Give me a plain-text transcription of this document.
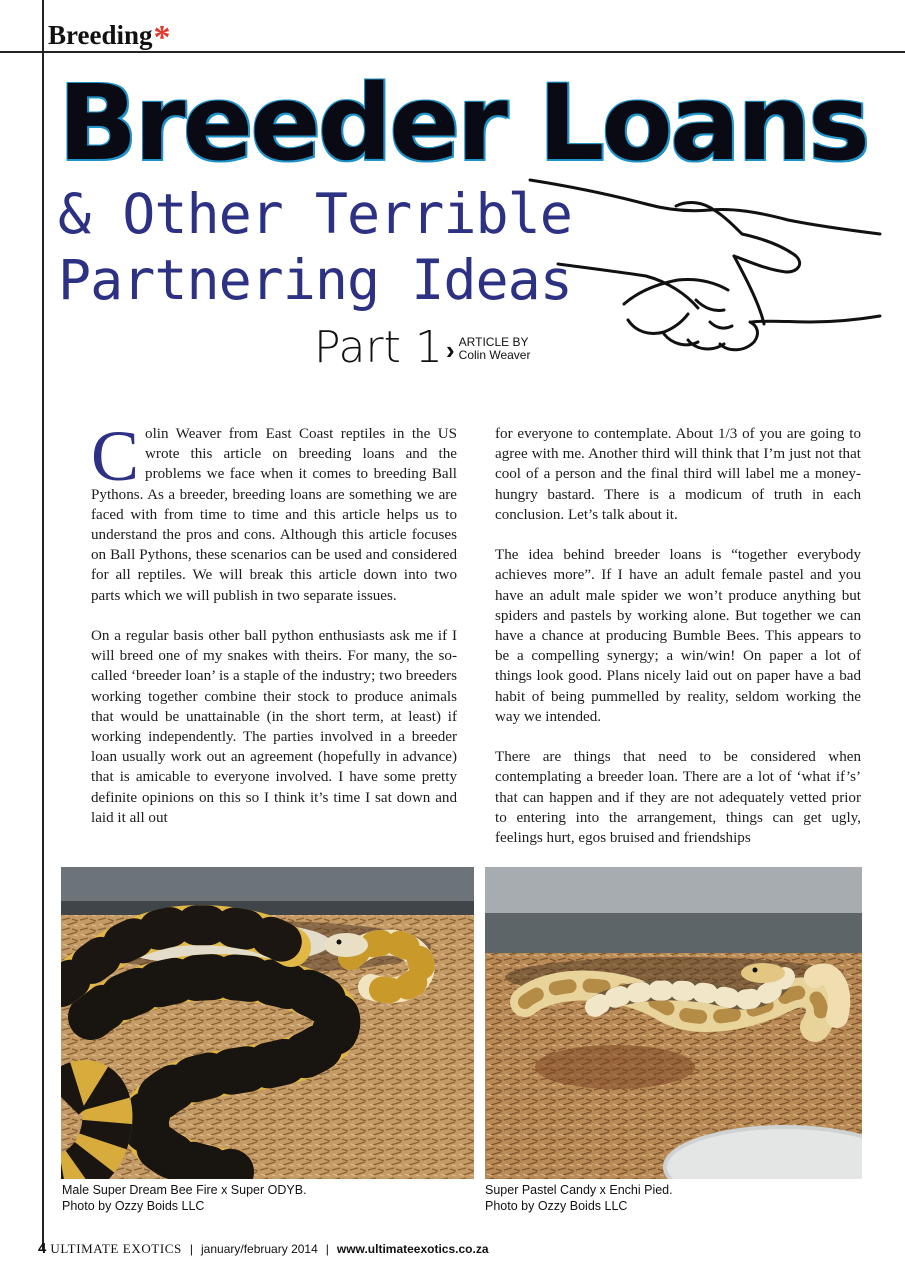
Breeding*
Breeder Loans
& Other Terrible
Partnering Ideas
Part 1 › ARTICLE BY
Colin Weaver
C olin Weaver from East Coast reptiles in the US wrote this article on breeding loans and the problems we face when it comes to breeding Ball Pythons. As a breeder, breeding loans are something we are faced with from time to time and this article helps us to understand the pros and cons. Although this article focuses on Ball Pythons, these scenarios can be used and considered for all reptiles. We will break this article down into two parts which we will publish in two separate issues.

On a regular basis other ball python enthusiasts ask me if I will breed one of my snakes with theirs. For many, the so-called ‘breeder loan’ is a staple of the industry; two breeders working together combine their stock to produce animals that would be unattainable (in the short term, at least) if working independently. The parties involved in a breeder loan usually work out an agreement (hopefully in advance) that is amicable to everyone involved. I have some pretty definite opinions on this so I think it’s time I sat down and laid it all out

for everyone to contemplate. About 1/3 of you are going to agree with me. Another third will think that I’m just not that cool of a person and the final third will label me a money-hungry bastard. There is a modicum of truth in each conclusion. Let’s talk about it.

The idea behind breeder loans is “together everybody achieves more”. If I have an adult female pastel and you have an adult male spider we won’t produce anything but spiders and pastels by working alone. But together we can have a chance at producing Bumble Bees. This appears to be a compelling synergy; a win/win! On paper a lot of things look good. Plans nicely laid out on paper have a bad habit of being pummelled by reality, seldom working the way we intended.

There are things that need to be considered when contemplating a breeder loan. There are a lot of ‘what if’s’ that can happen and if they are not adequately vetted prior to entering into the arrangement, things can get ugly, feelings hurt, egos bruised and friendships

Male Super Dream Bee Fire x Super ODYB.
Photo by Ozzy Boids LLC
Super Pastel Candy x Enchi Pied.
Photo by Ozzy Boids LLC
4 ULTIMATE EXOTICS | january/february 2014 | www.ultimateexotics.co.za
